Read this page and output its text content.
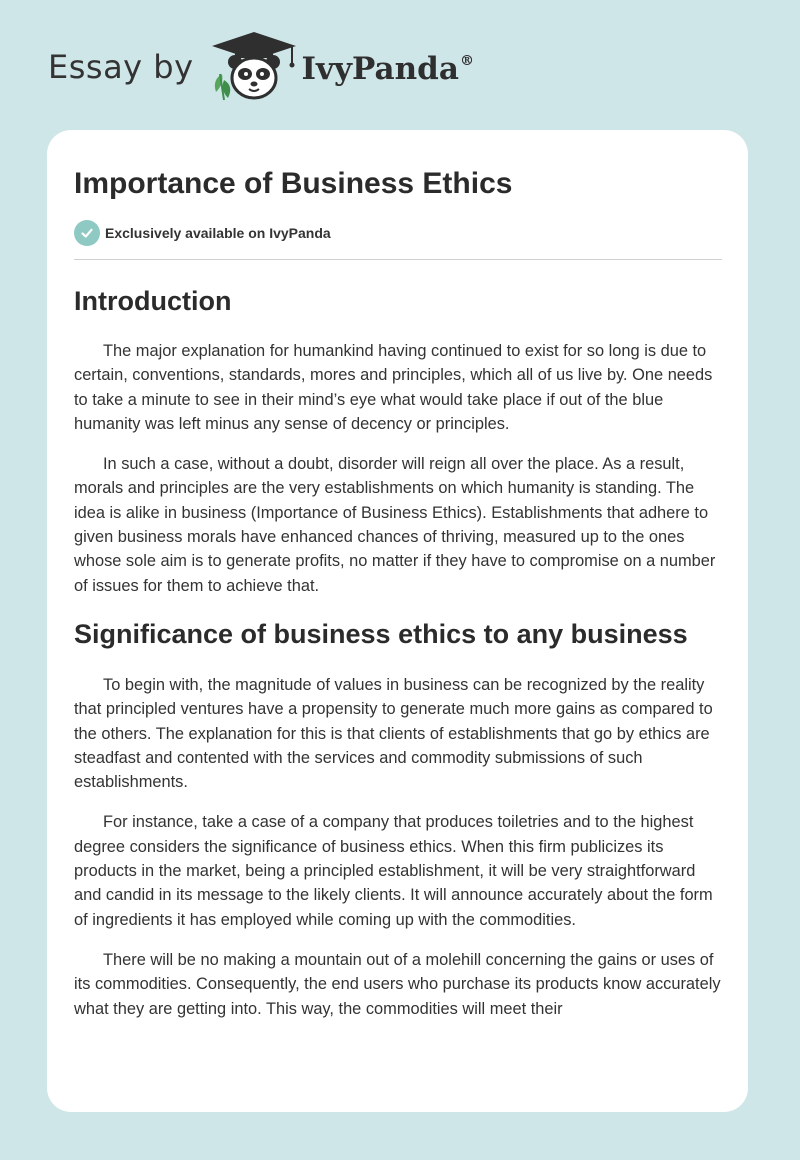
Essay by	IvyPanda®
Importance of Business Ethics
Exclusively available on IvyPanda
Introduction

The major explanation for humankind having continued to exist for so long is due to certain, conventions, standards, mores and principles, which all of us live by. One needs to take a minute to see in their mind’s eye what would take place if out of the blue humanity was left minus any sense of decency or principles.

In such a case, without a doubt, disorder will reign all over the place. As a result, morals and principles are the very establishments on which humanity is standing. The idea is alike in business (Importance of Business Ethics). Establishments that adhere to given business morals have enhanced chances of thriving, measured up to the ones whose sole aim is to generate profits, no matter if they have to compromise on a number of issues for them to achieve that.

Significance of business ethics to any business

To begin with, the magnitude of values in business can be recognized by the reality that principled ventures have a propensity to generate much more gains as compared to the others. The explanation for this is that clients of establishments that go by ethics are steadfast and contented with the services and commodity submissions of such establishments.

For instance, take a case of a company that produces toiletries and to the highest degree considers the significance of business ethics. When this firm publicizes its products in the market, being a principled establishment, it will be very straightforward and candid in its message to the likely clients. It will announce accurately about the form of ingredients it has employed while coming up with the commodities.

There will be no making a mountain out of a molehill concerning the gains or uses of its commodities. Consequently, the end users who purchase its products know accurately what they are getting into. This way, the commodities will meet their
